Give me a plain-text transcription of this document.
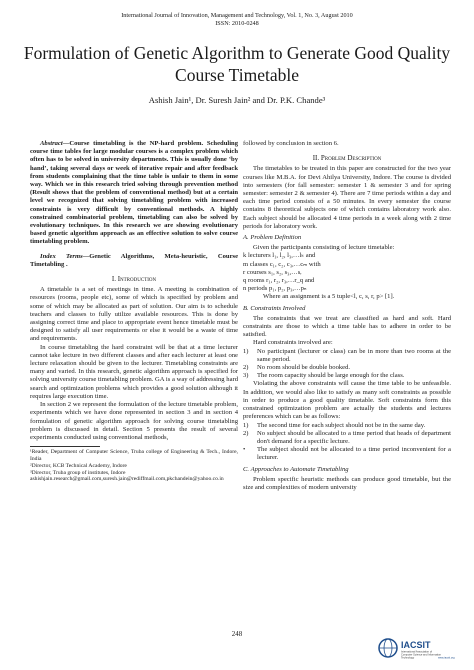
International Journal of Innovation, Management and Technology, Vol. 1, No. 3, August 2010
ISSN: 2010-0248
Formulation of Genetic Algorithm to Generate Good Quality Course Timetable
Ashish Jain¹, Dr. Suresh Jain² and Dr. P.K. Chande³

Abstract—Course timetabling is the NP-hard problem. Scheduling course time tables for large modular courses is a complex problem which often has to be solved in university departments. This is usually done ‘by hand’, taking several days or week of iterative repair and after feedback from students complaining that the time table is unfair to them in some way. Which we in this research tried solving through prevention method (Result shows that the problem of conventional method) but at a certain level we recognized that solving timetabling problem with increased constraints is very difficult by conventional methods. A highly constrained combinatorial problem, timetabling can also be solved by evolutionary techniques. In this research we are showing evolutionary based genetic algorithm approach as an effective solution to solve course timetabling problem.

Index Terms—Genetic Algorithms, Meta-heuristic, Course Timetabling .

I. Introduction

A timetable is a set of meetings in time. A meeting is combination of resources (rooms, people etc), some of which is specified by problem and some of which may be allocated as part of solution. Our aim is to schedule teachers and classes to fully utilize available resources. This is done by assigning correct time and place to appropriate event hence timetable must be designed to satisfy all user requirements or else it would be a waste of time and requirements.

In course timetabling the hard constraint will be that at a time lecturer cannot take lecture in two different classes and after each lecturer at least one lecture relaxation should be given to the lecturer. Timetabling constraints are many and varied. In this research, genetic algorithm approach is specified for solving university course timetabling problem. GA is a way of addressing hard search and optimization problems which provides a good solution although it requires large execution time.

In section 2 we represent the formulation of the lecture timetable problem, experiments which we have done represented in section 3 and in section 4 formulation of genetic algorithm approach for solving course timetabling problem is discussed in detail. Section 5 presents the result of several experiments conducted using conventional methods,

¹Reader, Department of Computer Science, Truba college of Engineering & Tech., Indore, India
²Director, KCB Technical Academy, Indore
³Director, Truba group of institutes, Indore
ashishjain.research@gmail.com,suresh.jain@rediffmail.com,pkchandein@yahoo.co.in

followed by conclusion in section 6.

II. Problem Description

The timetables to be treated in this paper are constructed for the two year courses like M.B.A. for Devi Ahilya University, Indore. The course is divided into semesters (for fall semester: semester 1 & semester 3 and for spring semester: semester 2 & semester 4). There are 7 time periods within a day and each time period consists of a 50 minutes. In every semester the course contains 8 theoretical subjects one of which contains laboratory work also. Each subject should be allocated 4 time periods in a week along with 2 time periods for laboratory work.

A. Problem Definition

Given the participants consisting of lecture timetable:

k lecturers l₁, l₂, l₃,…lₖ and
m classes c₁, c₂, c₃,…cₘ with
r courses s₁, s₂, s₃,…sᵣ
q rooms r₁, r₂, r₃,…r_q and
n periods p₁, p₂, p₃,…pₙ

Where an assignment is a 5 tuple<l, c, s, r, p> [1].

B. Constraints Involved

The constraints that we treat are classified as hard and soft. Hard constraints are those to which a time table has to adhere in order to be satisfied.

Hard constraints involved are:

1)	No participant (lecturer or class) can be in more than two rooms at the same period.
2)	No room should be double booked.
3)	The room capacity should be large enough for the class.

Violating the above constraints will cause the time table to be unfeasible. In addition, we would also like to satisfy as many soft constraints as possible in order to produce a good quality timetable. Soft constraints form this constrained optimization problem are actually the students and lectures preferences which can be as follows:

1)	The second time for each subject should not be in the same day.
2)	No subject should be allocated to a time period that heads of department don't demand for a specific lecture.
•	The subject should not be allocated to a time period inconvenient for a lecturer.
C. Approaches to Automate Timetabling

Problem specific heuristic methods can produce good timetable, but the size and complexities of modern university

248
IACSIT
International Association of
Computer Science and Information
Technology	www.iacsit.org
